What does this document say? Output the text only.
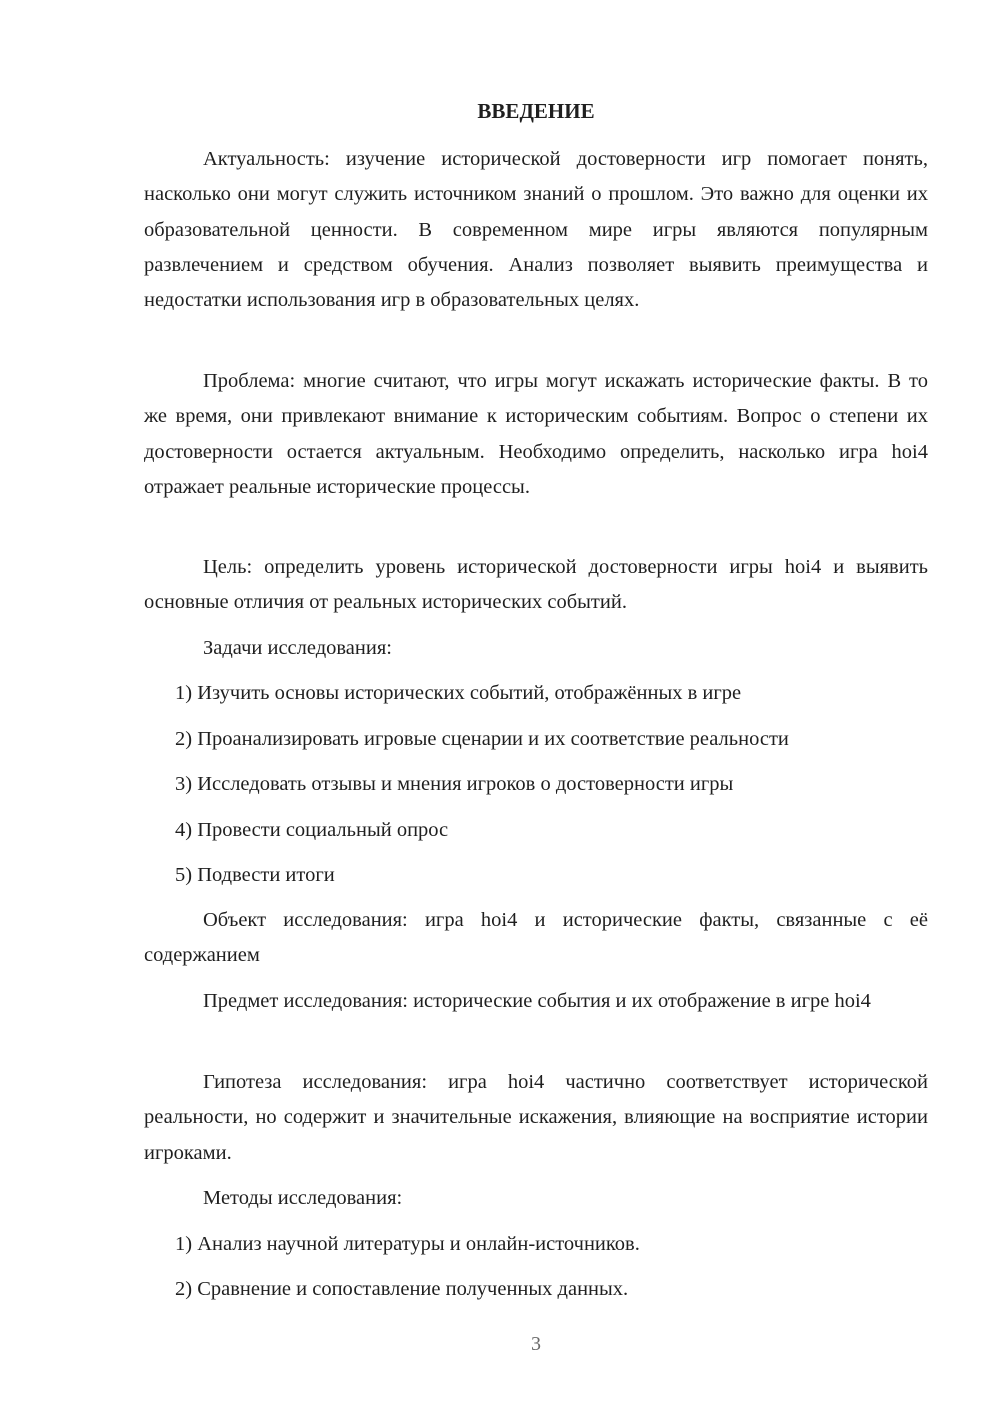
ВВЕДЕНИЕ

Актуальность: изучение исторической достоверности игр помогает понять, насколько они могут служить источником знаний о прошлом. Это важно для оценки их образовательной ценности. В современном мире игры являются популярным развлечением и средством обучения. Анализ позволяет выявить преимущества и недостатки использования игр в образовательных целях.

Проблема: многие считают, что игры могут искажать исторические факты. В то же время, они привлекают внимание к историческим событиям. Вопрос о степени их достоверности остается актуальным. Необходимо определить, насколько игра hoi4 отражает реальные исторические процессы.

Цель: определить уровень исторической достоверности игры hoi4 и выявить основные отличия от реальных исторических событий.

Задачи исследования:

1) Изучить основы исторических событий, отображённых в игре

2) Проанализировать игровые сценарии и их соответствие реальности

3) Исследовать отзывы и мнения игроков о достоверности игры

4) Провести социальный опрос

5) Подвести итоги

Объект исследования: игра hoi4 и исторические факты, связанные с её содержанием

Предмет исследования: исторические события и их отображение в игре hoi4

Гипотеза исследования: игра hoi4 частично соответствует исторической реальности, но содержит и значительные искажения, влияющие на восприятие истории игроками.

Методы исследования:

1) Анализ научной литературы и онлайн-источников.

2) Сравнение и сопоставление полученных данных.

3
